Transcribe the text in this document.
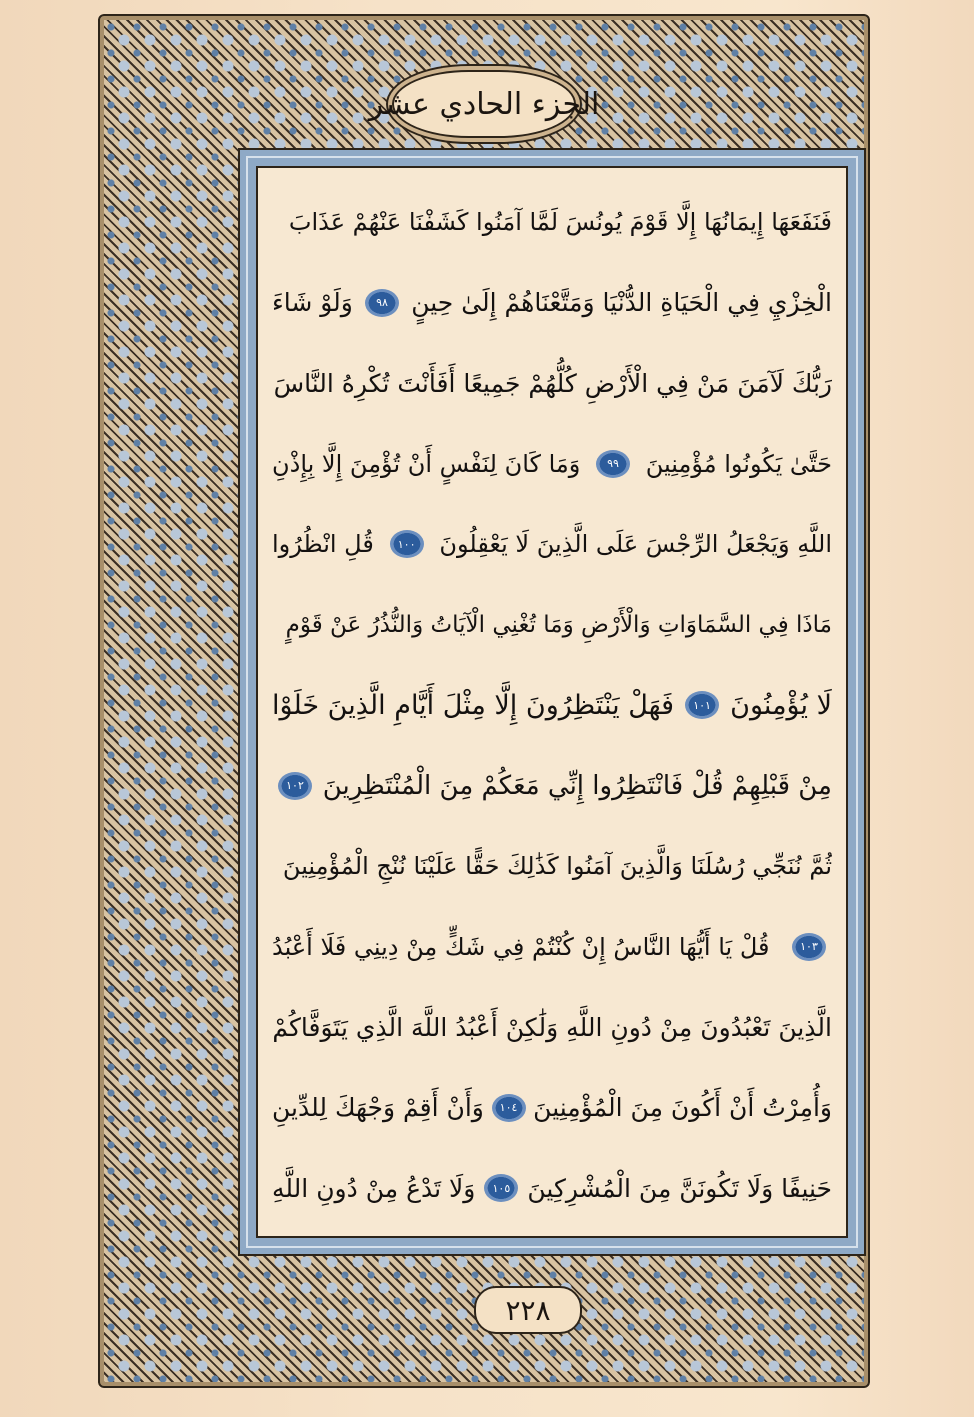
الجزء الحادي عشر
فَنَفَعَهَا إِيمَانُهَا إِلَّا قَوْمَ يُونُسَ لَمَّا آمَنُوا كَشَفْنَا عَنْهُمْ عَذَابَ
الْخِزْيِ فِي الْحَيَاةِ الدُّنْيَا وَمَتَّعْنَاهُمْ إِلَىٰ حِينٍ
٩٨
وَلَوْ شَاءَ
رَبُّكَ لَآمَنَ مَنْ فِي الْأَرْضِ كُلُّهُمْ جَمِيعًا أَفَأَنْتَ تُكْرِهُ النَّاسَ
حَتَّىٰ يَكُونُوا مُؤْمِنِينَ
٩٩
وَمَا كَانَ لِنَفْسٍ أَنْ تُؤْمِنَ إِلَّا بِإِذْنِ
اللَّهِ وَيَجْعَلُ الرِّجْسَ عَلَى الَّذِينَ لَا يَعْقِلُونَ
١٠٠
قُلِ انْظُرُوا
مَاذَا فِي السَّمَاوَاتِ وَالْأَرْضِ وَمَا تُغْنِي الْآيَاتُ وَالنُّذُرُ عَنْ قَوْمٍ
لَا يُؤْمِنُونَ
١٠١
فَهَلْ يَنْتَظِرُونَ إِلَّا مِثْلَ أَيَّامِ الَّذِينَ خَلَوْا
مِنْ قَبْلِهِمْ قُلْ فَانْتَظِرُوا إِنِّي مَعَكُمْ مِنَ الْمُنْتَظِرِينَ
١٠٢
ثُمَّ نُنَجِّي رُسُلَنَا وَالَّذِينَ آمَنُوا كَذَٰلِكَ حَقًّا عَلَيْنَا نُنْجِ الْمُؤْمِنِينَ
١٠٣
قُلْ يَا أَيُّهَا النَّاسُ إِنْ كُنْتُمْ فِي شَكٍّ مِنْ دِينِي فَلَا أَعْبُدُ
الَّذِينَ تَعْبُدُونَ مِنْ دُونِ اللَّهِ وَلَٰكِنْ أَعْبُدُ اللَّهَ الَّذِي يَتَوَفَّاكُمْ
وَأُمِرْتُ أَنْ أَكُونَ مِنَ الْمُؤْمِنِينَ
١٠٤
وَأَنْ أَقِمْ وَجْهَكَ لِلدِّينِ
حَنِيفًا وَلَا تَكُونَنَّ مِنَ الْمُشْرِكِينَ
١٠٥
وَلَا تَدْعُ مِنْ دُونِ اللَّهِ
٢٢٨
